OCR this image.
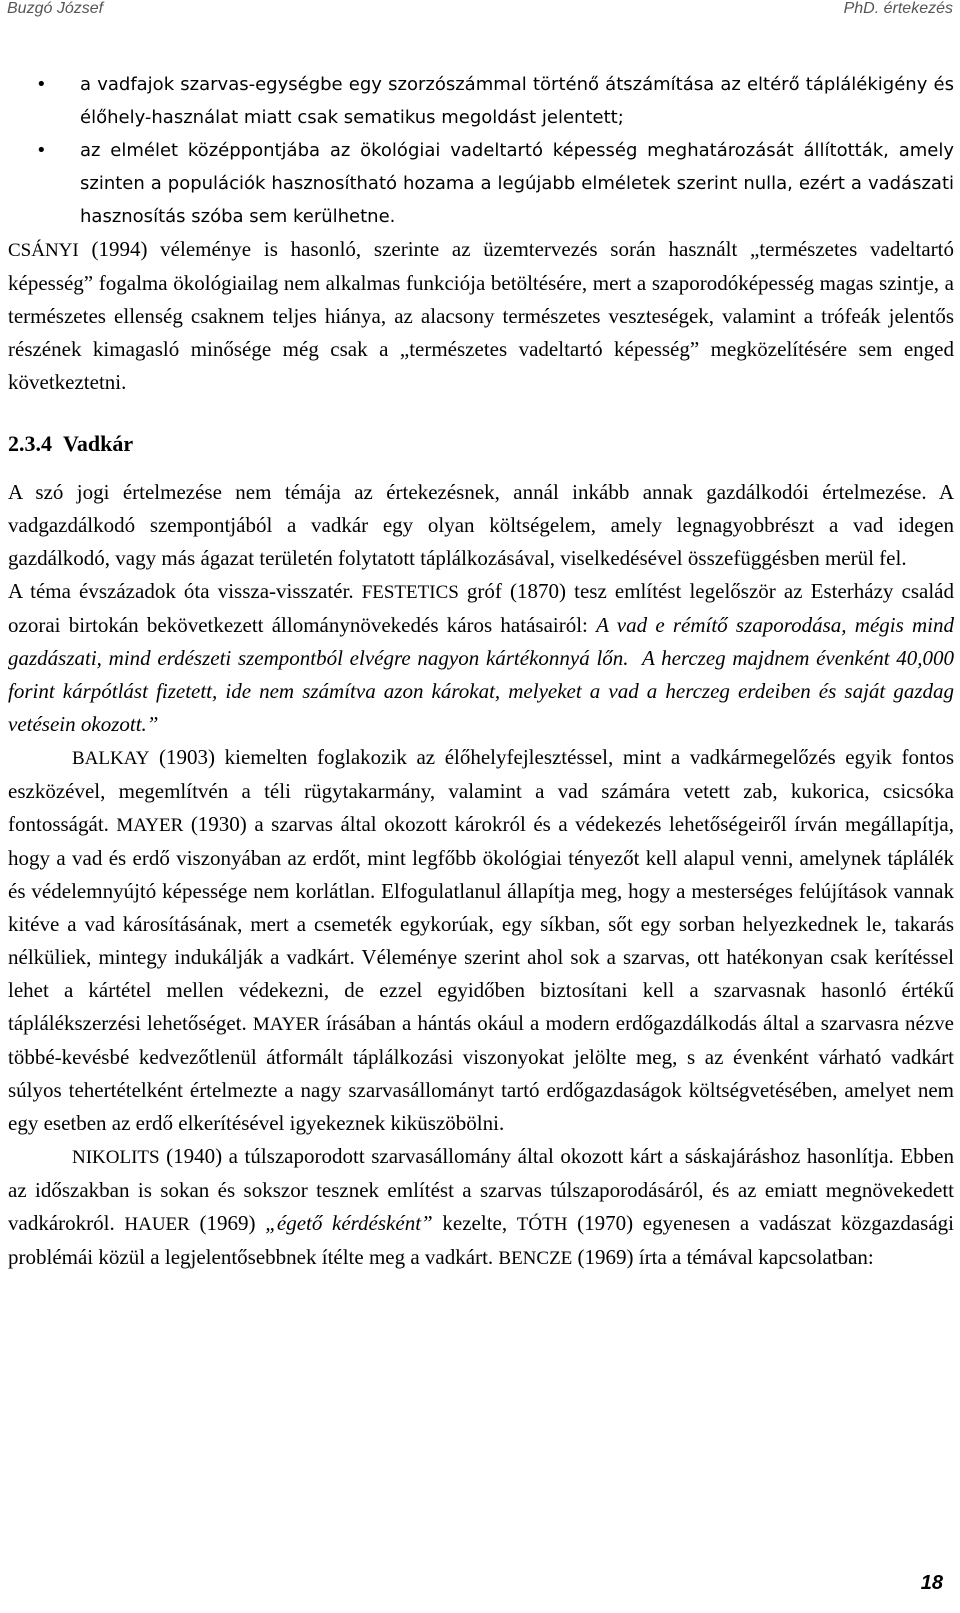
Buzgó József	PhD. értekezés
• a vadfajok szarvas-egységbe egy szorzószámmal történő átszámítása az eltérő táplálékigény és élőhely-használat miatt csak sematikus megoldást jelentett;
• az elmélet középpontjába az ökológiai vadeltartó képesség meghatározását állították, amely szinten a populációk hasznosítható hozama a legújabb elméletek szerint nulla, ezért a vadászati hasznosítás szóba sem kerülhetne.

CSÁNYI (1994) véleménye is hasonló, szerinte az üzemtervezés során használt „természetes vadeltartó képesség” fogalma ökológiailag nem alkalmas funkciója betöltésére, mert a szaporodóképesség magas szintje, a természetes ellenség csaknem teljes hiánya, az alacsony természetes veszteségek, valamint a trófeák jelentős részének kimagasló minősége még csak a „természetes vadeltartó képesség” megközelítésére sem enged következtetni.

2.3.4 Vadkár

A szó jogi értelmezése nem témája az értekezésnek, annál inkább annak gazdálkodói értelmezése. A vadgazdálkodó szempontjából a vadkár egy olyan költségelem, amely legnagyobbrészt a vad idegen gazdálkodó, vagy más ágazat területén folytatott táplálkozásával, viselkedésével összefüggésben merül fel.

A téma évszázadok óta vissza-visszatér. FESTETICS gróf (1870) tesz említést legelőször az Esterházy család ozorai birtokán bekövetkezett állománynövekedés káros hatásairól: A vad e rémítő szaporodása, mégis mind gazdászati, mind erdészeti szempontból elvégre nagyon kártékonnyá lőn. A herczeg majdnem évenként 40,000 forint kárpótlást fizetett, ide nem számítva azon károkat, melyeket a vad a herczeg erdeiben és saját gazdag vetésein okozott.”

BALKAY (1903) kiemelten foglakozik az élőhelyfejlesztéssel, mint a vadkármegelőzés egyik fontos eszközével, megemlítvén a téli rügytakarmány, valamint a vad számára vetett zab, kukorica, csicsóka fontosságát. MAYER (1930) a szarvas által okozott károkról és a védekezés lehetőségeiről írván megállapítja, hogy a vad és erdő viszonyában az erdőt, mint legfőbb ökológiai tényezőt kell alapul venni, amelynek táplálék és védelemnyújtó képessége nem korlátlan. Elfogulatlanul állapítja meg, hogy a mesterséges felújítások vannak kitéve a vad károsításának, mert a csemeték egykorúak, egy síkban, sőt egy sorban helyezkednek le, takarás nélküliek, mintegy indukálják a vadkárt. Véleménye szerint ahol sok a szarvas, ott hatékonyan csak kerítéssel lehet a kártétel mellen védekezni, de ezzel egyidőben biztosítani kell a szarvasnak hasonló értékű táplálékszerzési lehetőséget. MAYER írásában a hántás okául a modern erdőgazdálkodás által a szarvasra nézve többé-kevésbé kedvezőtlenül átformált táplálkozási viszonyokat jelölte meg, s az évenként várható vadkárt súlyos tehertételként értelmezte a nagy szarvasállományt tartó erdőgazdaságok költségvetésében, amelyet nem egy esetben az erdő elkerítésével igyekeznek kiküszöbölni.

NIKOLITS (1940) a túlszaporodott szarvasállomány által okozott kárt a sáskajáráshoz hasonlítja. Ebben az időszakban is sokan és sokszor tesznek említést a szarvas túlszaporodásáról, és az emiatt megnövekedett vadkárokról. HAUER (1969) „égető kérdésként” kezelte, TÓTH (1970) egyenesen a vadászat közgazdasági problémái közül a legjelentősebbnek ítélte meg a vadkárt. BENCZE (1969) írta a témával kapcsolatban:

18
